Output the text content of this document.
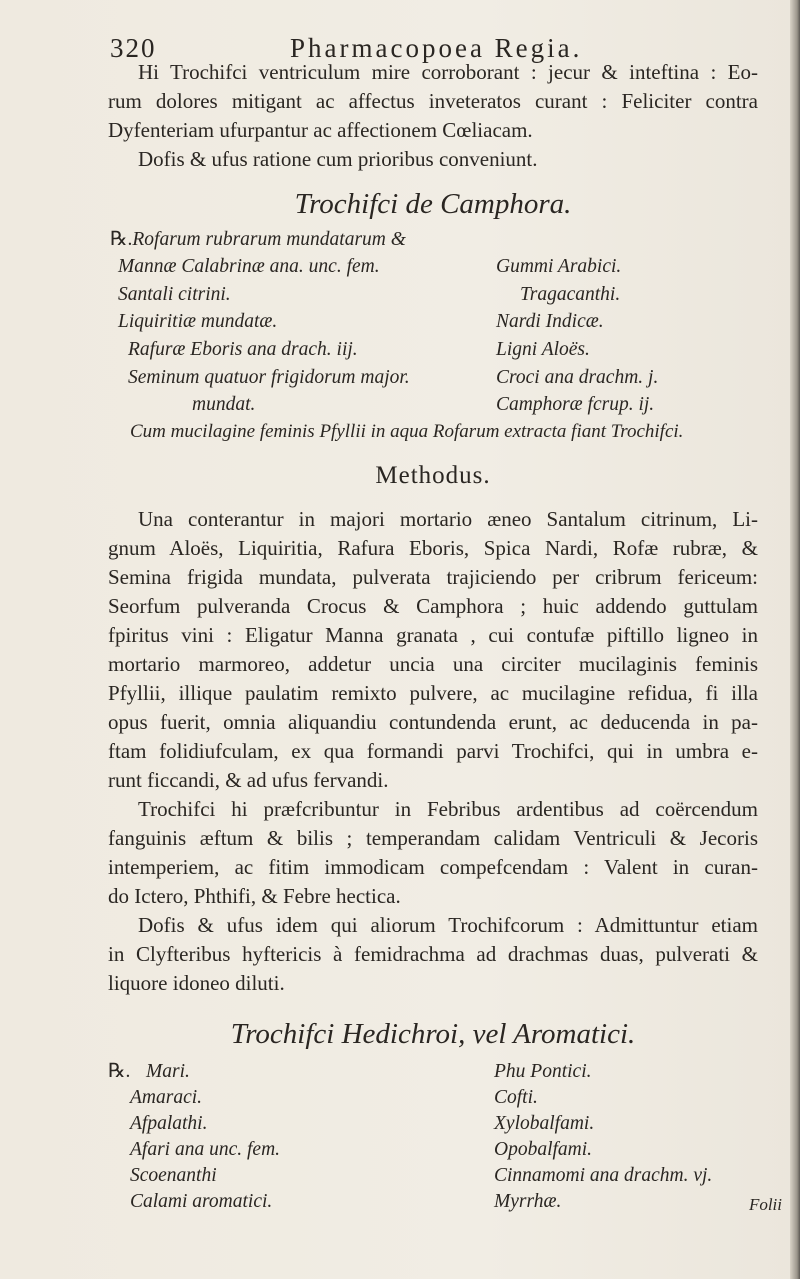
320	Pharmacopoea Regia.
Hi Trochifci ventriculum mire corroborant : jecur & inteftina : Eo-
rum dolores mitigant ac affectus inveteratos curant : Feliciter contra
Dyfenteriam ufurpantur ac affectionem Cœliacam.
Dofis & ufus ratione cum prioribus conveniunt.
Trochifci de Camphora.
℞.Rofarum rubrarum mundatarum &
Mannæ Calabrinæ ana. unc. fem.
Santali citrini.
Liquiritiæ mundatæ.
Rafuræ Eboris ana drach. iij.
Seminum quatuor frigidorum major.
mundat.
Gummi Arabici.
Tragacanthi.
Nardi Indicæ.
Ligni Aloës.
Croci ana drachm. j.
Camphoræ fcrup. ij.
Cum mucilagine feminis Pfyllii in aqua Rofarum extracta fiant Trochifci.
Methodus.
Una conterantur in majori mortario æneo Santalum citrinum, Li-
gnum Aloës, Liquiritia, Rafura Eboris, Spica Nardi, Rofæ rubræ, &
Semina frigida mundata, pulverata trajiciendo per cribrum fericeum:
Seorfum pulveranda Crocus & Camphora ; huic addendo guttulam
fpiritus vini : Eligatur Manna granata , cui contufæ piftillo ligneo in
mortario marmoreo, addetur uncia una circiter mucilaginis feminis
Pfyllii, illique paulatim remixto pulvere, ac mucilagine refidua, fi illa
opus fuerit, omnia aliquandiu contundenda erunt, ac deducenda in pa-
ftam folidiufculam, ex qua formandi parvi Trochifci, qui in umbra e-
runt ficcandi, & ad ufus fervandi.
Trochifci hi præfcribuntur in Febribus ardentibus ad coërcendum
fanguinis æftum & bilis ; temperandam calidam Ventriculi & Jecoris
intemperiem, ac fitim immodicam compefcendam : Valent in curan-
do Ictero, Phthifi, & Febre hectica.
Dofis & ufus idem qui aliorum Trochifcorum : Admittuntur etiam
in Clyfteribus hyftericis à femidrachma ad drachmas duas, pulverati &
liquore idoneo diluti.
Trochifci Hedichroi, vel Aromatici.
℞. Mari.
Amaraci.
Afpalathi.
Afari ana unc. fem.
Scoenanthi
Calami aromatici.
Phu Pontici.
Cofti.
Xylobalfami.
Opobalfami.
Cinnamomi ana drachm. vj.
Myrrhæ.	Folii
